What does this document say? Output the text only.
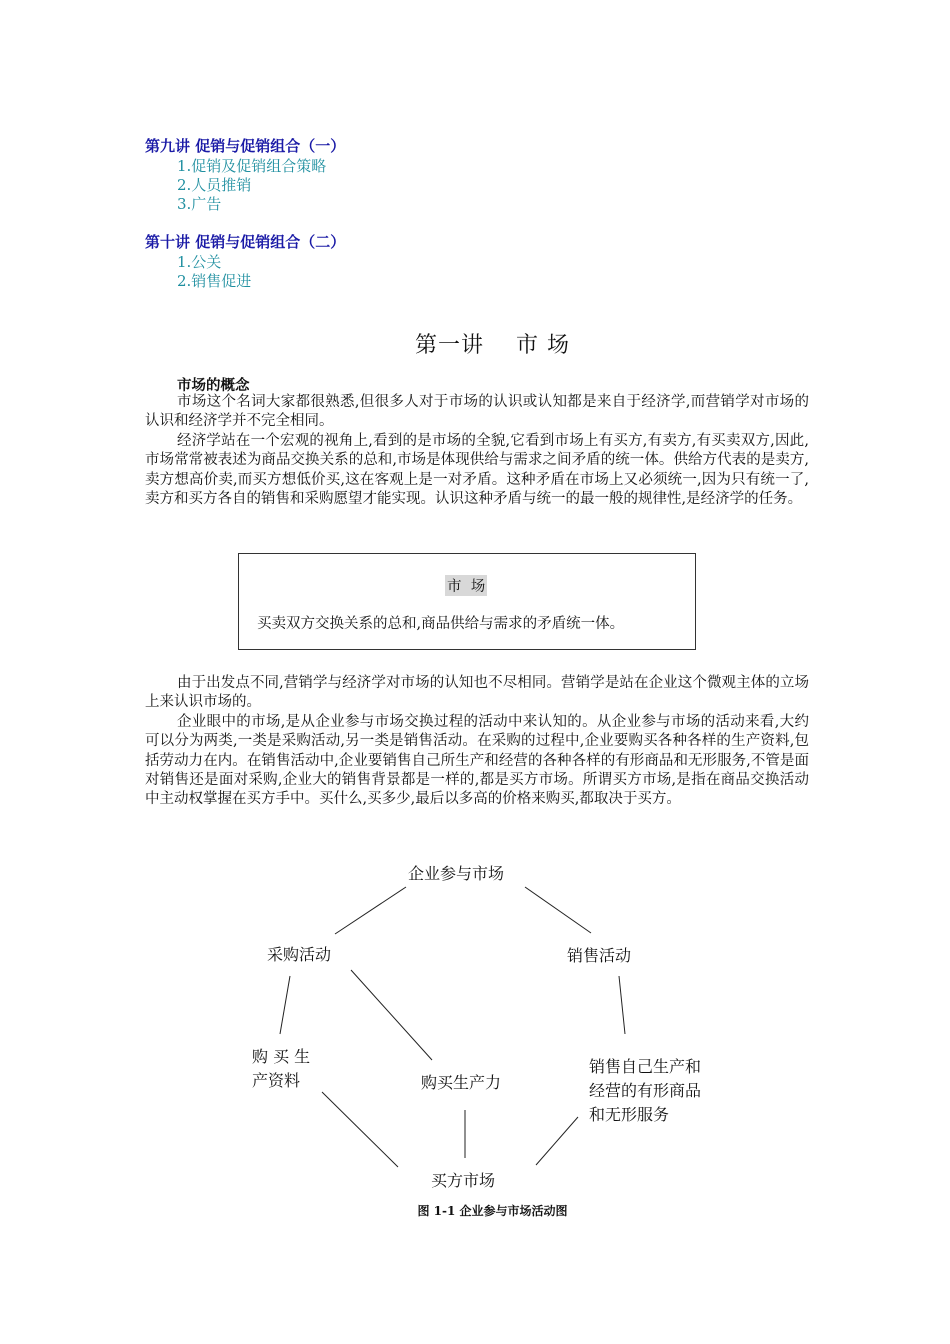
第九讲 促销与促销组合（一）
1.促销及促销组合策略
2.人员推销
3.广告
第十讲 促销与促销组合（二）
1.公关
2.销售促进
第一讲 市 场
市场的概念

市场这个名词大家都很熟悉,但很多人对于市场的认识或认知都是来自于经济学,而营销学对市场的认识和经济学并不完全相同。

经济学站在一个宏观的视角上,看到的是市场的全貌,它看到市场上有买方,有卖方,有买卖双方,因此,市场常常被表述为商品交换关系的总和,市场是体现供给与需求之间矛盾的统一体。供给方代表的是卖方,卖方想高价卖,而买方想低价买,这在客观上是一对矛盾。这种矛盾在市场上又必须统一,因为只有统一了,卖方和买方各自的销售和采购愿望才能实现。认识这种矛盾与统一的最一般的规律性,是经济学的任务。

市  场
买卖双方交换关系的总和,商品供给与需求的矛盾统一体。

由于出发点不同,营销学与经济学对市场的认知也不尽相同。营销学是站在企业这个微观主体的立场上来认识市场的。

企业眼中的市场,是从企业参与市场交换过程的活动中来认知的。从企业参与市场的活动来看,大约可以分为两类,一类是采购活动,另一类是销售活动。在采购的过程中,企业要购买各种各样的生产资料,包括劳动力在内。在销售活动中,企业要销售自己所生产和经营的各种各样的有形商品和无形服务,不管是面对销售还是面对采购,企业大的销售背景都是一样的,都是买方市场。所谓买方市场,是指在商品交换活动中主动权掌握在买方手中。买什么,买多少,最后以多高的价格来购买,都取决于买方。

企业参与市场
采购活动	销售活动
购 买 生
产资料	购买生产力
销售自己生产和
经营的有形商品
和无形服务
买方市场
图 1-1 企业参与市场活动图
